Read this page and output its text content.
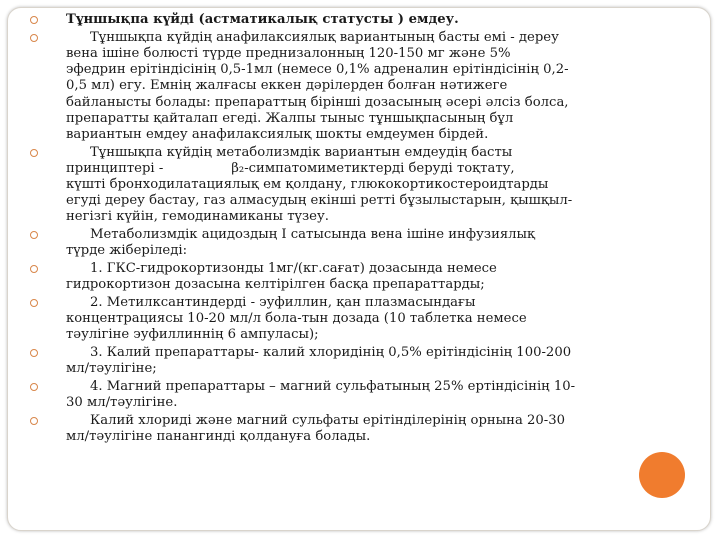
Тұншықпа күйді (астматикалық статусты ) емдеу.
Тұншықпа күйдің анафилаксиялық вариантының басты емі - дереу
вена ішіне болюсті түрде преднизалонның 120-150 мг және 5%
эфедрин ерітіндісінің 0,5-1мл (немесе 0,1% адреналин ерітіндісінің 0,2-
0,5 мл) егу. Емнің жалғасы еккен дәрілерден болған нәтижеге
байланысты болады: препараттың бірінші дозасының әсері әлсіз болса,
препаратты қайталап егеді. Жалпы тыныс тұншықпасының бұл
вариантын емдеу анафилаксиялық шокты емдеумен бірдей.
Тұншықпа күйдің метаболизмдік вариантын емдеудің басты
принциптері -	β₂-симпатомиметиктерді беруді тоқтату,
күшті бронходилатациялық ем қолдану, глюкокортикостероидтарды
егуді дереу бастау, газ алмасудың екінші ретті бұзылыстарын, қышқыл-
негізгі күйін, гемодинамиканы түзеу.
Метаболизмдік ацидоздың I сатысында вена ішіне инфузиялық
түрде жіберіледі:
1. ГКС-гидрокортизонды 1мг/(кг.сағат) дозасында немесе
гидрокортизон дозасына келтірілген басқа препараттарды;
2. Метилксантиндерді - эуфиллин, қан плазмасындағы
концентрациясы 10-20 мл/л бола-тын дозада (10 таблетка немесе
тәулігіне эуфиллиннің 6 ампуласы);
3. Калий препараттары- калий хлоридінің 0,5% ерітіндісінің 100-200
мл/тәулігіне;
4. Магний препараттары – магний сульфатының 25% ертіндісінің 10-
30 мл/тәулігіне.
Калий хлориді және магний сульфаты ерітінділерінің орнына 20-30
мл/тәулігіне панангинді қолдануға болады.
